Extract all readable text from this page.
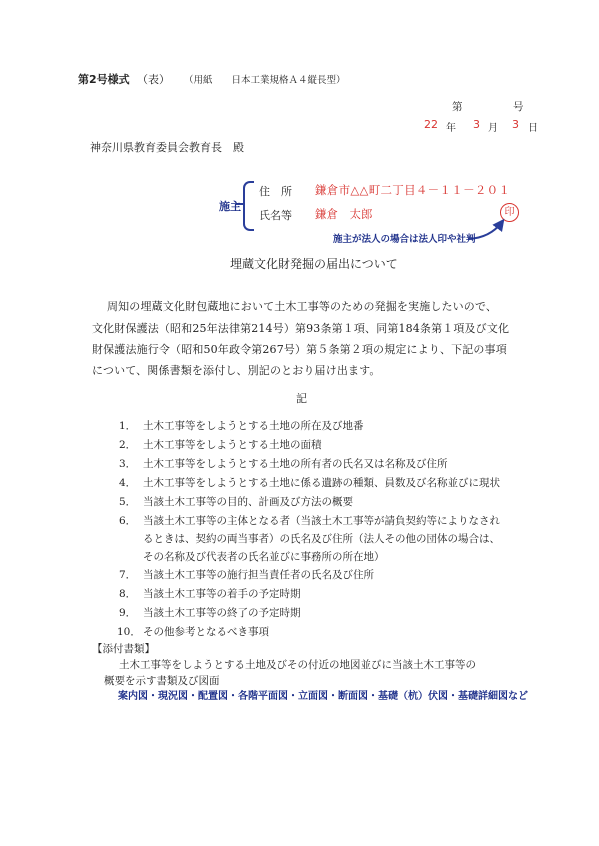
第2号様式 （表） （用紙　　日本工業規格Ａ４縦長型）
第	号
22 年 3 月 3 日
神奈川県教育委員会教育長　殿
施主
住　所 鎌倉市△△町二丁目４－１１－２０１
氏名等 鎌倉　太郎	印
施主が法人の場合は法人印や社判
埋蔵文化財発掘の届出について
周知の埋蔵文化財包蔵地において土木工事等のための発掘を実施したいので、
文化財保護法（昭和25年法律第214号）第93条第１項、同第184条第１項及び文化
財保護法施行令（昭和50年政令第267号）第５条第２項の規定により、下記の事項
について、関係書類を添付し、別記のとおり届け出ます。
記
1． 土木工事等をしようとする土地の所在及び地番
2． 土木工事等をしようとする土地の面積
3． 土木工事等をしようとする土地の所有者の氏名又は名称及び住所
4． 土木工事等をしようとする土地に係る遺跡の種類、員数及び名称並びに現状
5． 当該土木工事等の目的、計画及び方法の概要
6． 当該土木工事等の主体となる者（当該土木工事等が請負契約等によりなされ
るときは、契約の両当事者）の氏名及び住所（法人その他の団体の場合は、
その名称及び代表者の氏名並びに事務所の所在地）
7． 当該土木工事等の施行担当責任者の氏名及び住所
8． 当該土木工事等の着手の予定時期
9． 当該土木工事等の終了の予定時期
10． その他参考となるべき事項
【添付書類】
土木工事等をしようとする土地及びその付近の地図並びに当該土木工事等の
概要を示す書類及び図面
案内図・現況図・配置図・各階平面図・立面図・断面図・基礎（杭）伏図・基礎詳細図など
